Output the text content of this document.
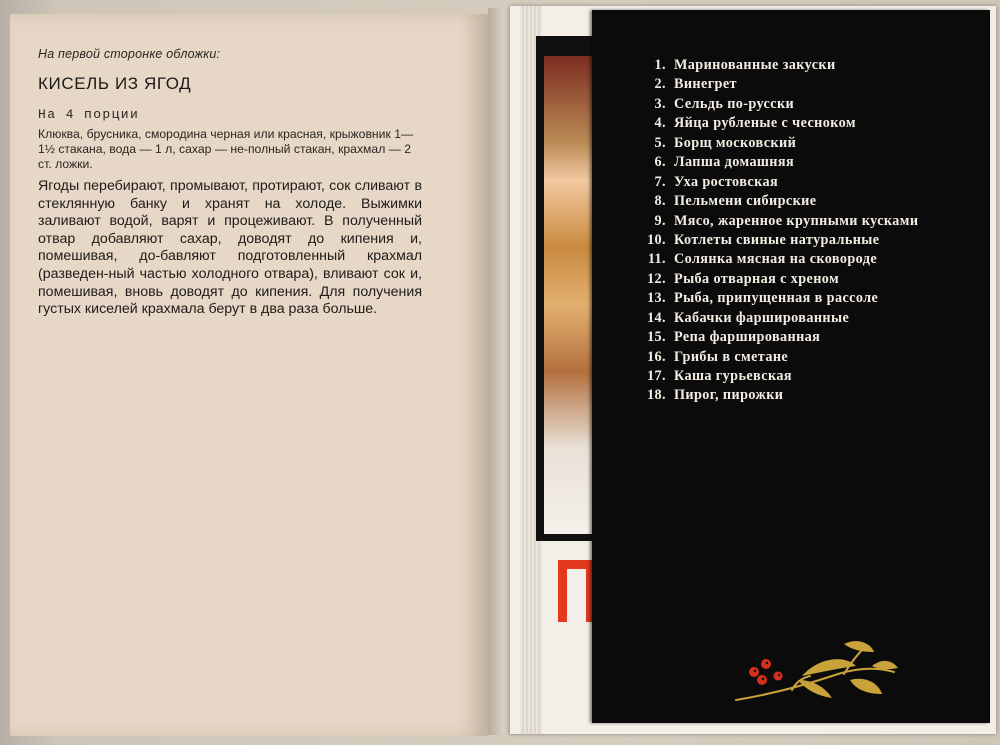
На первой сторонке обложки:
КИСЕЛЬ ИЗ ЯГОД
На 4 порции
Клюква, брусника, смородина черная или красная, крыжовник 1—1½ стакана, вода — 1 л, сахар — не-полный стакан, крахмал — 2 ст. ложки.
Ягоды перебирают, промывают, протирают, сок сливают в стеклянную банку и хранят на холоде. Выжимки заливают водой, варят и процеживают. В полученный отвар добавляют сахар, доводят до кипения и, помешивая, до-бавляют подготовленный крахмал (разведен-ный частью холодного отвара), вливают сок и, помешивая, вновь доводят до кипения. Для получения густых киселей крахмала берут в два раза больше.
1. Маринованные закуски
2. Винегрет
3. Сельдь по-русски
4. Яйца рубленые с чесноком
5. Борщ московский
6. Лапша домашняя
7. Уха ростовская
8. Пельмени сибирские
9. Мясо, жаренное крупными кусками
10. Котлеты свиные натуральные
11. Солянка мясная на сковороде
12. Рыба отварная с хреном
13. Рыба, припущенная в рассоле
14. Кабачки фаршированные
15. Репа фаршированная
16. Грибы в сметане
17. Каша гурьевская
18. Пирог, пирожки
